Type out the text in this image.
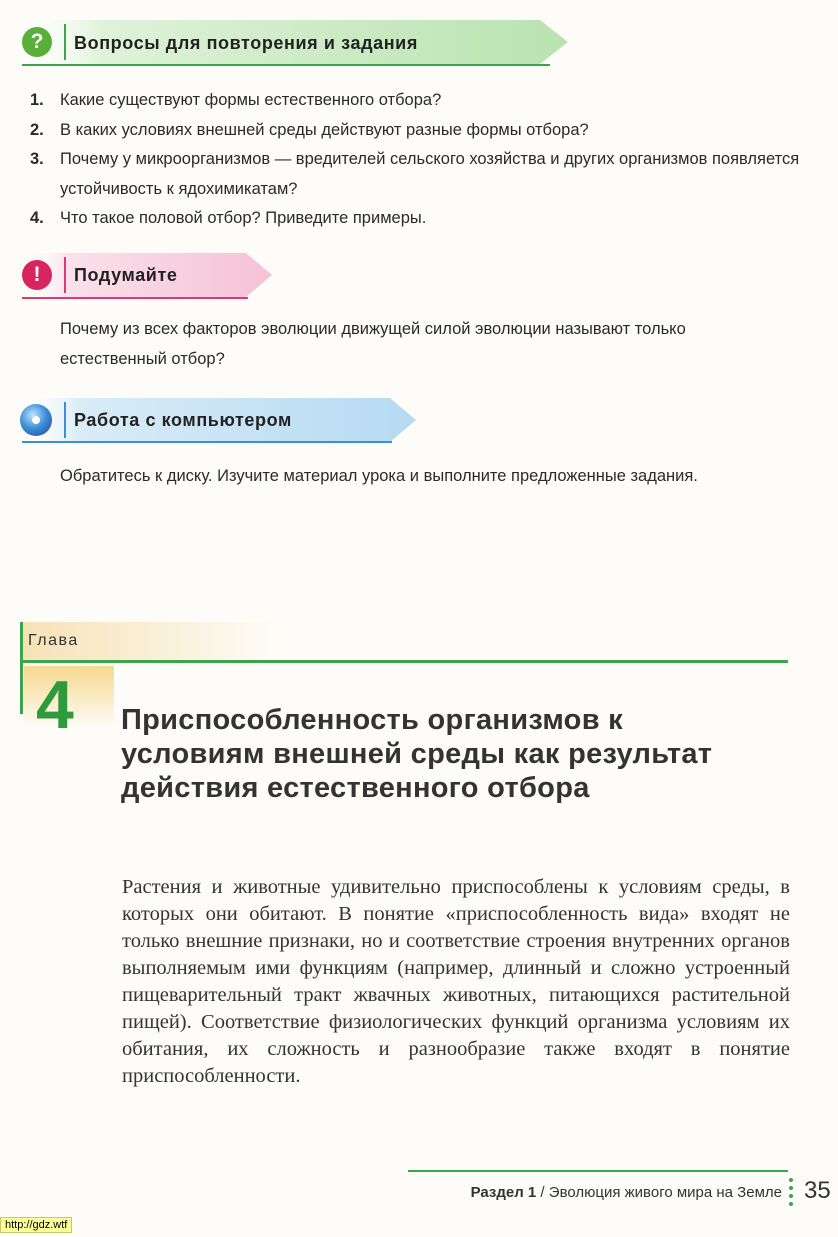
?	Вопросы для повторения и задания
1. Какие существуют формы естественного отбора?
2. В каких условиях внешней среды действуют разные формы отбора?
3. Почему у микроорганизмов — вредителей сельского хозяйства и других организмов появляется устойчивость к ядохимикатам?
4. Что такое половой отбор? Приведите примеры.
!	Подумайте
Почему из всех факторов эволюции движущей силой эволюции называют только естественный отбор?
Работа с компьютером
Обратитесь к диску. Изучите материал урока и выполните предложенные задания.
Глава
4 Приспособленность организмов к условиям внешней среды как результат действия естественного отбора
Растения и животные удивительно приспособлены к условиям среды, в которых они обитают. В понятие «приспособленность вида» входят не только внешние признаки, но и соответствие строения внутренних органов выполняемым ими функциям (например, длинный и сложно устроенный пищеварительный тракт жвачных животных, питающихся растительной пищей). Соответствие физиологических функций организма условиям их обитания, их сложность и разнообразие также входят в понятие приспособленности.
Раздел 1 / Эволюция живого мира на Земле 35
http://gdz.wtf
